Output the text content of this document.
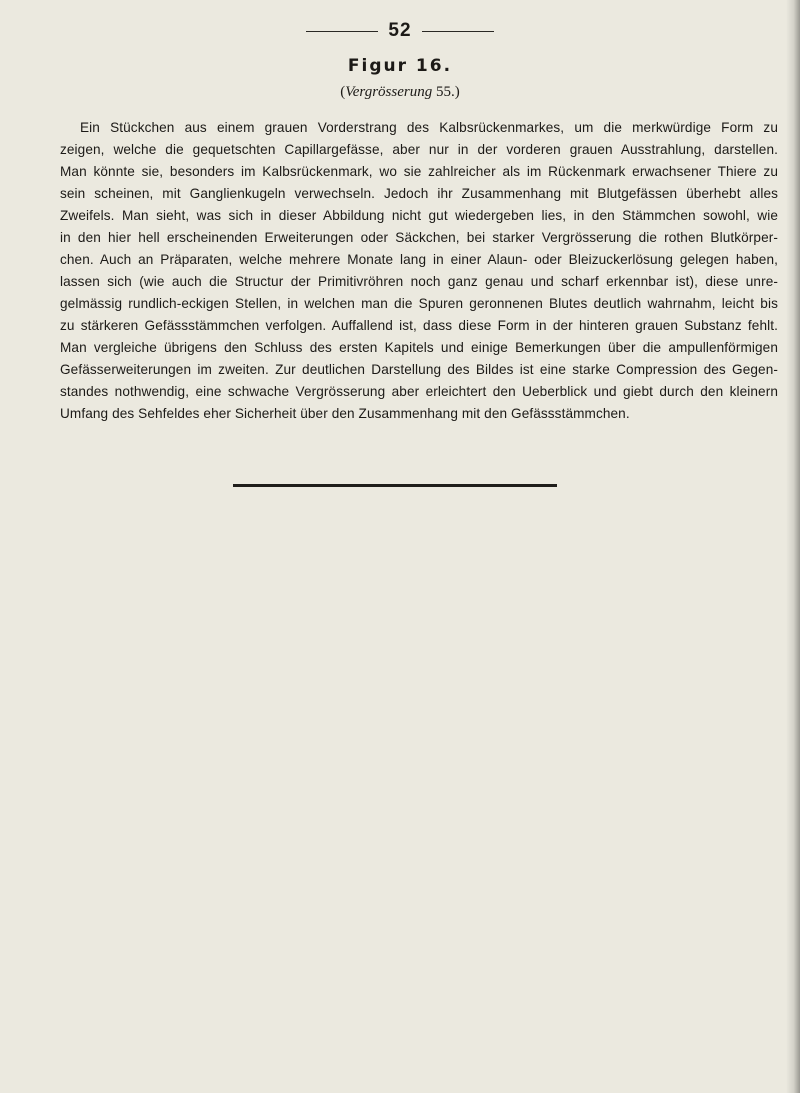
52
Figur 16.
(Vergrösserung 55.)
Ein Stückchen aus einem grauen Vorderstrang des Kalbsrückenmarkes, um die merkwürdige Form zu
zeigen, welche die gequetschten Capillargefässe, aber nur in der vorderen grauen Ausstrahlung, darstellen.
Man könnte sie, besonders im Kalbsrückenmark, wo sie zahlreicher als im Rückenmark erwachsener Thiere zu
sein scheinen, mit Ganglienkugeln verwechseln. Jedoch ihr Zusammenhang mit Blutgefässen überhebt alles
Zweifels. Man sieht, was sich in dieser Abbildung nicht gut wiedergeben lies, in den Stämmchen sowohl, wie
in den hier hell erscheinenden Erweiterungen oder Säckchen, bei starker Vergrösserung die rothen Blutkörper-
chen. Auch an Präparaten, welche mehrere Monate lang in einer Alaun- oder Bleizuckerlösung gelegen haben,
lassen sich (wie auch die Structur der Primitivröhren noch ganz genau und scharf erkennbar ist), diese unre-
gelmässig rundlich-eckigen Stellen, in welchen man die Spuren geronnenen Blutes deutlich wahrnahm, leicht bis
zu stärkeren Gefässstämmchen verfolgen. Auffallend ist, dass diese Form in der hinteren grauen Substanz fehlt.
Man vergleiche übrigens den Schluss des ersten Kapitels und einige Bemerkungen über die ampullenförmigen
Gefässerweiterungen im zweiten. Zur deutlichen Darstellung des Bildes ist eine starke Compression des Gegen-
standes nothwendig, eine schwache Vergrösserung aber erleichtert den Ueberblick und giebt durch den kleinern
Umfang des Sehfeldes eher Sicherheit über den Zusammenhang mit den Gefässstämmchen.
